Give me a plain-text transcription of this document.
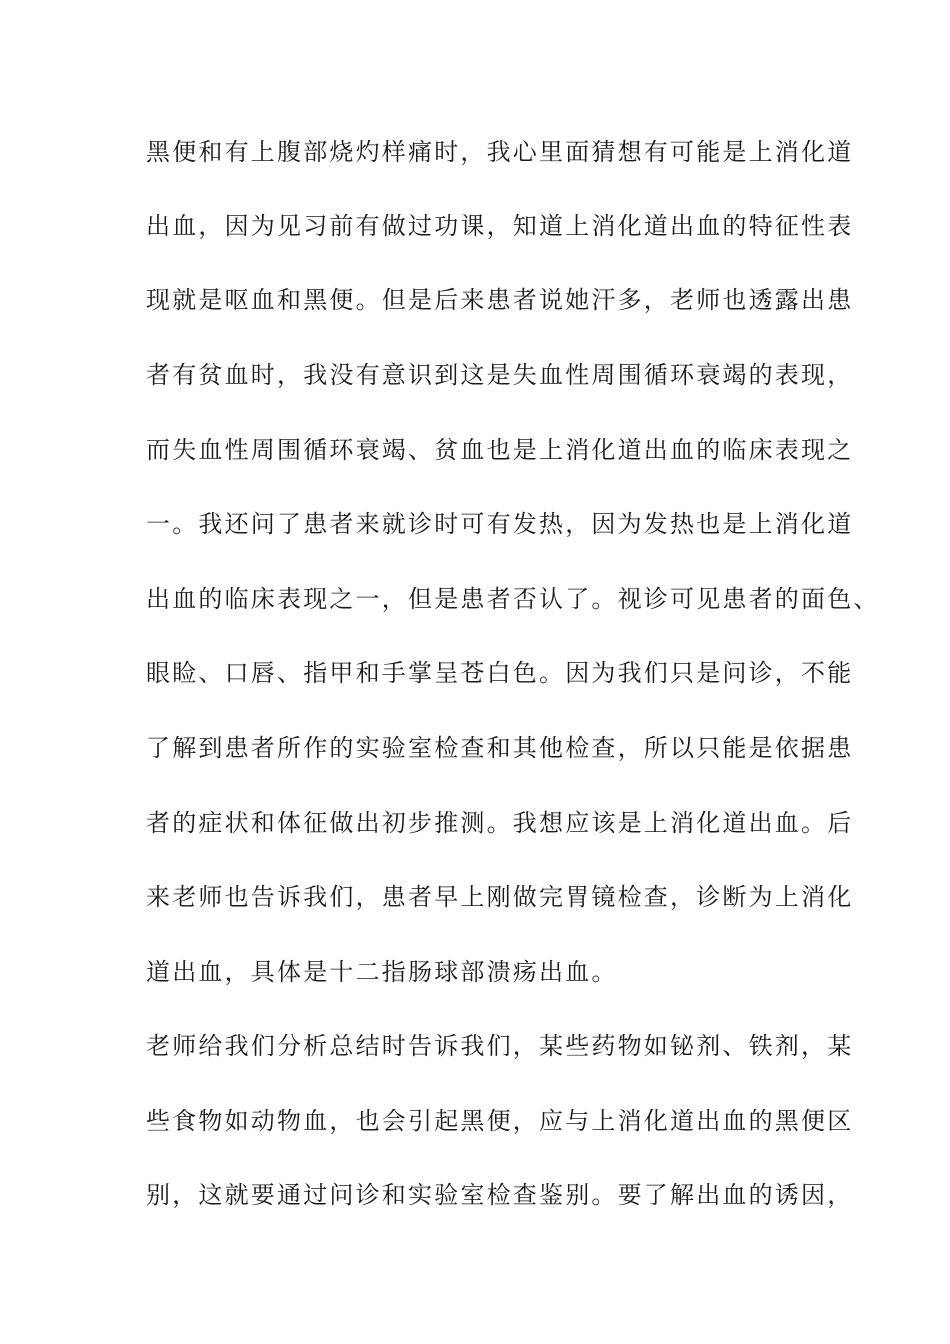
黑便和有上腹部烧灼样痛时，我心里面猜想有可能是上消化道
出血，因为见习前有做过功课，知道上消化道出血的特征性表
现就是呕血和黑便。但是后来患者说她汗多，老师也透露出患
者有贫血时，我没有意识到这是失血性周围循环衰竭的表现，
而失血性周围循环衰竭、贫血也是上消化道出血的临床表现之
一。我还问了患者来就诊时可有发热，因为发热也是上消化道
出血的临床表现之一，但是患者否认了。视诊可见患者的面色、
眼睑、口唇、指甲和手掌呈苍白色。因为我们只是问诊，不能
了解到患者所作的实验室检查和其他检查，所以只能是依据患
者的症状和体征做出初步推测。我想应该是上消化道出血。后
来老师也告诉我们，患者早上刚做完胃镜检查，诊断为上消化
道出血，具体是十二指肠球部溃疡出血。
老师给我们分析总结时告诉我们，某些药物如铋剂、铁剂，某
些食物如动物血，也会引起黑便，应与上消化道出血的黑便区
别，这就要通过问诊和实验室检查鉴别。要了解出血的诱因，
